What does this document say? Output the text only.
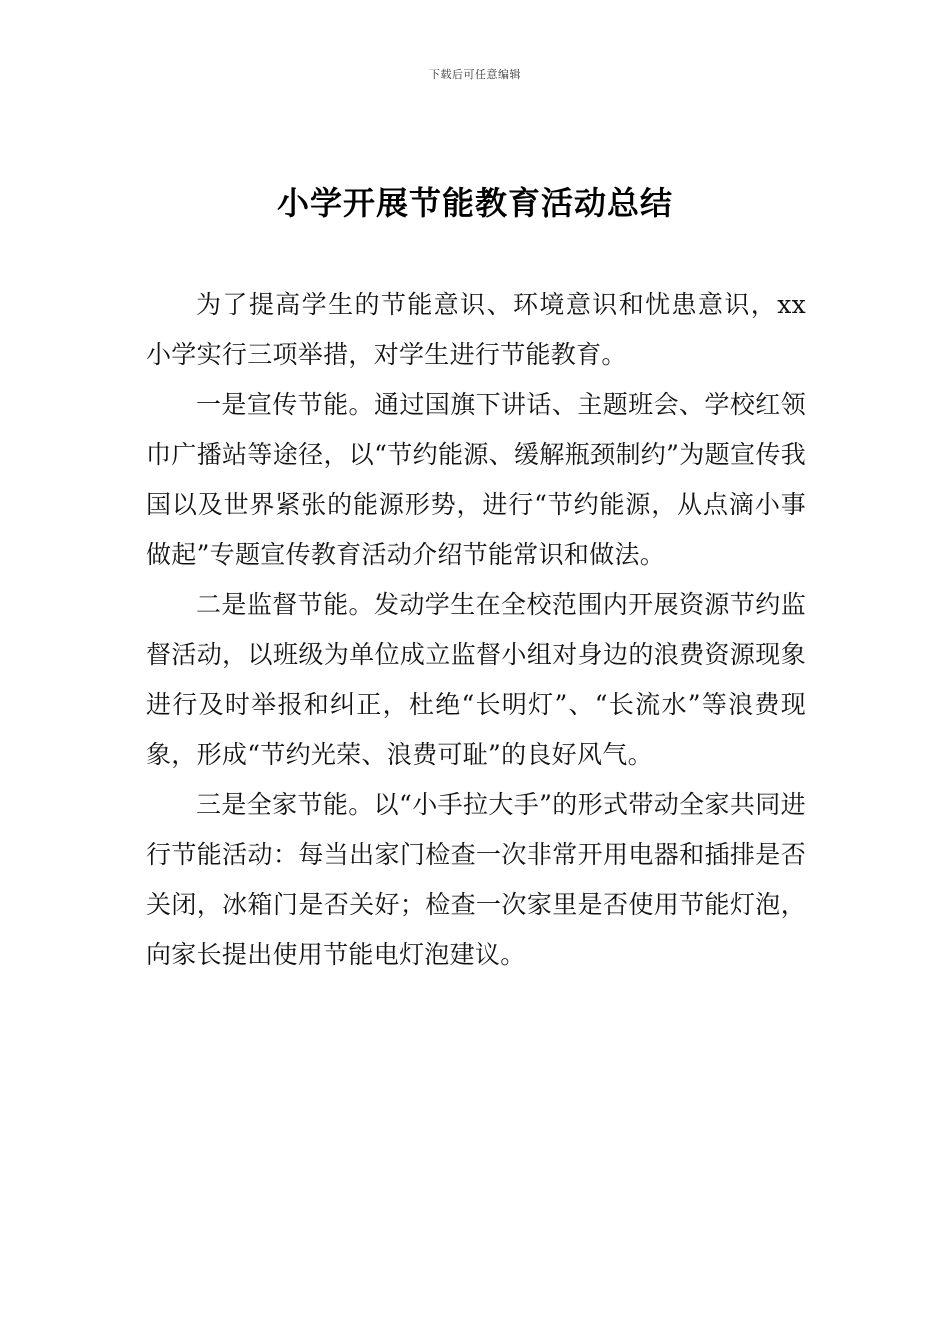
下载后可任意编辑
小学开展节能教育活动总结

为了提高学生的节能意识、环境意识和忧患意识，xx小学实行三项举措，对学生进行节能教育。

一是宣传节能。通过国旗下讲话、主题班会、学校红领巾广播站等途径，以“节约能源、缓解瓶颈制约”为题宣传我国以及世界紧张的能源形势，进行“节约能源，从点滴小事做起”专题宣传教育活动介绍节能常识和做法。

二是监督节能。发动学生在全校范围内开展资源节约监督活动，以班级为单位成立监督小组对身边的浪费资源现象进行及时举报和纠正，杜绝“长明灯”、“长流水”等浪费现象，形成“节约光荣、浪费可耻”的良好风气。

三是全家节能。以“小手拉大手”的形式带动全家共同进行节能活动：每当出家门检查一次非常开用电器和插排是否关闭，冰箱门是否关好；检查一次家里是否使用节能灯泡，向家长提出使用节能电灯泡建议。
